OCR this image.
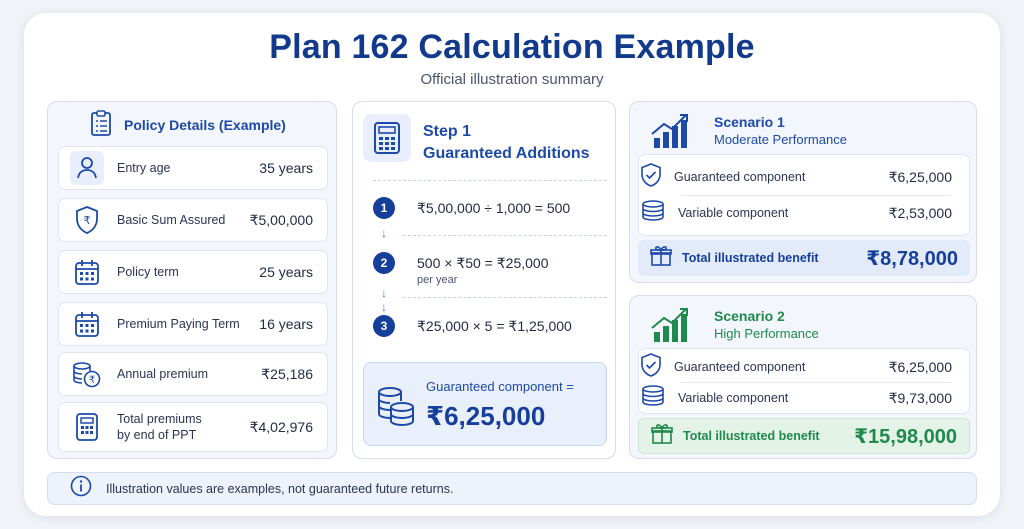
Plan 162 Calculation Example
Official illustration summary
Policy Details (Example)
Entry age	35 years
₹	Basic Sum Assured	₹5,00,000
Policy term	25 years
Premium Paying Term	16 years
₹	Annual premium	₹25,186
Total premiums
by end of PPT
₹4,02,976
Step 1
Guaranteed Additions
1	₹5,00,000 ÷ 1,000 = 500
↓
2	500 × ₹50 = ₹25,000
per year
↓
↓
3	₹25,000 × 5 = ₹1,25,000
Guaranteed component =
₹6,25,000
Scenario 1
Moderate Performance
Guaranteed component	₹6,25,000
Variable component	₹2,53,000
Total illustrated benefit	₹8,78,000
Scenario 2
High Performance
Guaranteed component	₹6,25,000
Variable component	₹9,73,000
Total illustrated benefit	₹15,98,000
Illustration values are examples, not guaranteed future returns.
